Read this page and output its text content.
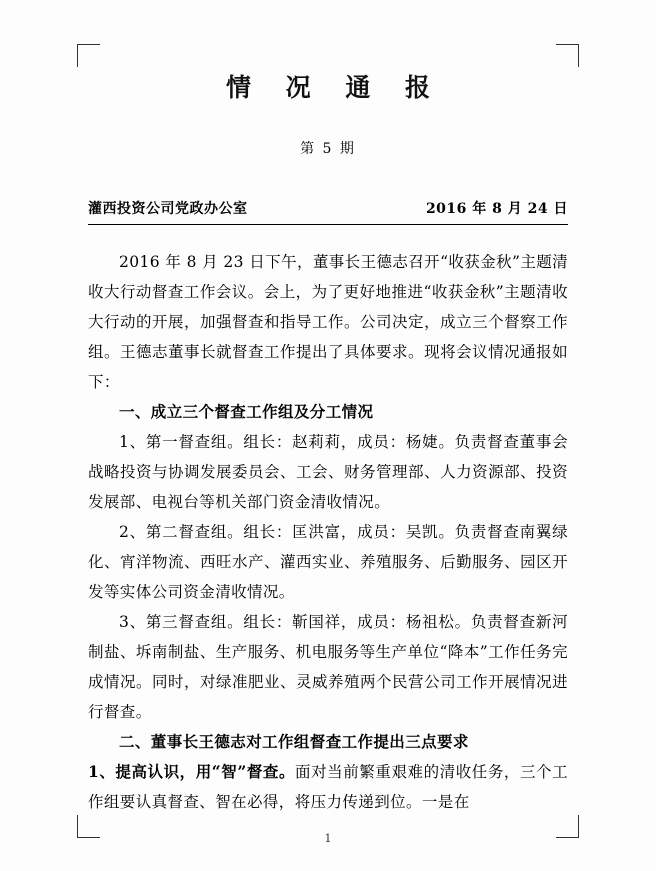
情 况 通 报
第 5 期
灌西投资公司党政办公室	2016 年 8 月 24 日

2016 年 8 月 23 日下午，董事长王德志召开“收获金秋”主题清收大行动督查工作会议。会上，为了更好地推进“收获金秋”主题清收大行动的开展，加强督查和指导工作。公司决定，成立三个督察工作组。王德志董事长就督查工作提出了具体要求。现将会议情况通报如下：

一、成立三个督查工作组及分工情况

1、第一督查组。组长：赵莉莉，成员：杨婕。负责督查董事会战略投资与协调发展委员会、工会、财务管理部、人力资源部、投资发展部、电视台等机关部门资金清收情况。

2、第二督查组。组长：匡洪富，成员：吴凯。负责督查南翼绿化、宵洋物流、西旺水产、灌西实业、养殖服务、后勤服务、园区开发等实体公司资金清收情况。

3、第三督查组。组长：靳国祥，成员：杨祖松。负责督查新河制盐、坼南制盐、生产服务、机电服务等生产单位“降本”工作任务完成情况。同时，对绿准肥业、灵威养殖两个民营公司工作开展情况进行督查。

二、董事长王德志对工作组督查工作提出三点要求

1、提高认识，用“智”督查。面对当前繁重艰难的清收任务，三个工作组要认真督查、智在必得，将压力传递到位。一是在

1
